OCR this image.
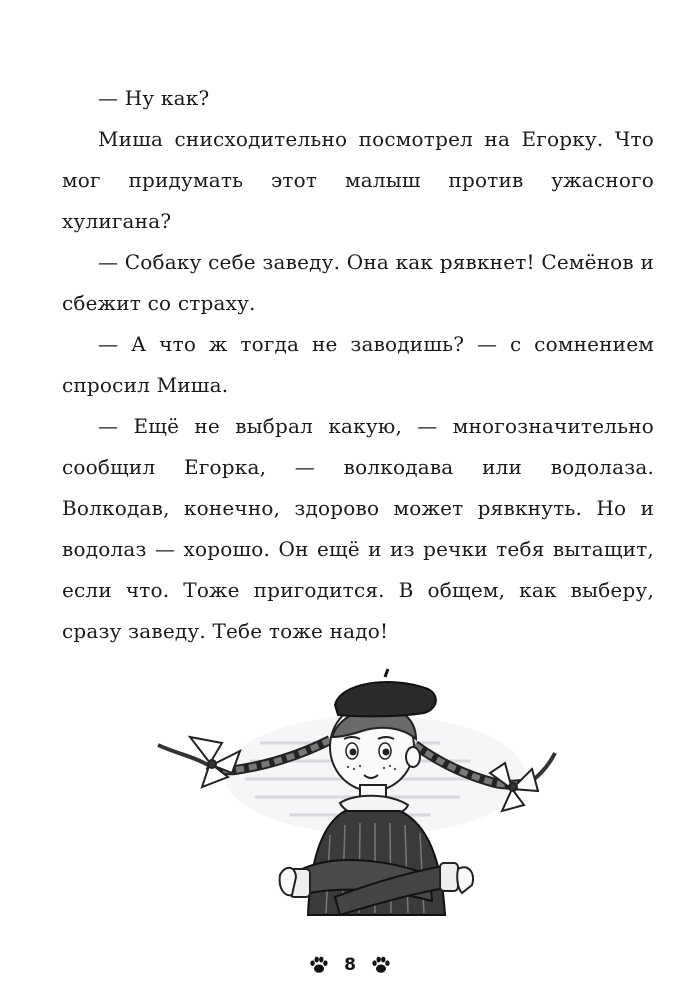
— Ну как?

Миша снисходительно посмотрел на Егорку. Что мог придумать этот малыш против ужасного хулигана?

— Собаку себе заведу. Она как рявкнет! Семёнов и сбежит со страху.

— А что ж тогда не заводишь? — с сомнением спросил Миша.

— Ещё не выбрал какую, — многозначительно сообщил Егорка, — волкодава или водолаза. Волкодав, конечно, здорово может рявкнуть. Но и водолаз — хорошо. Он ещё и из речки тебя вытащит, если что. Тоже пригодится. В общем, как выберу, сразу заведу. Тебе тоже надо!

8
